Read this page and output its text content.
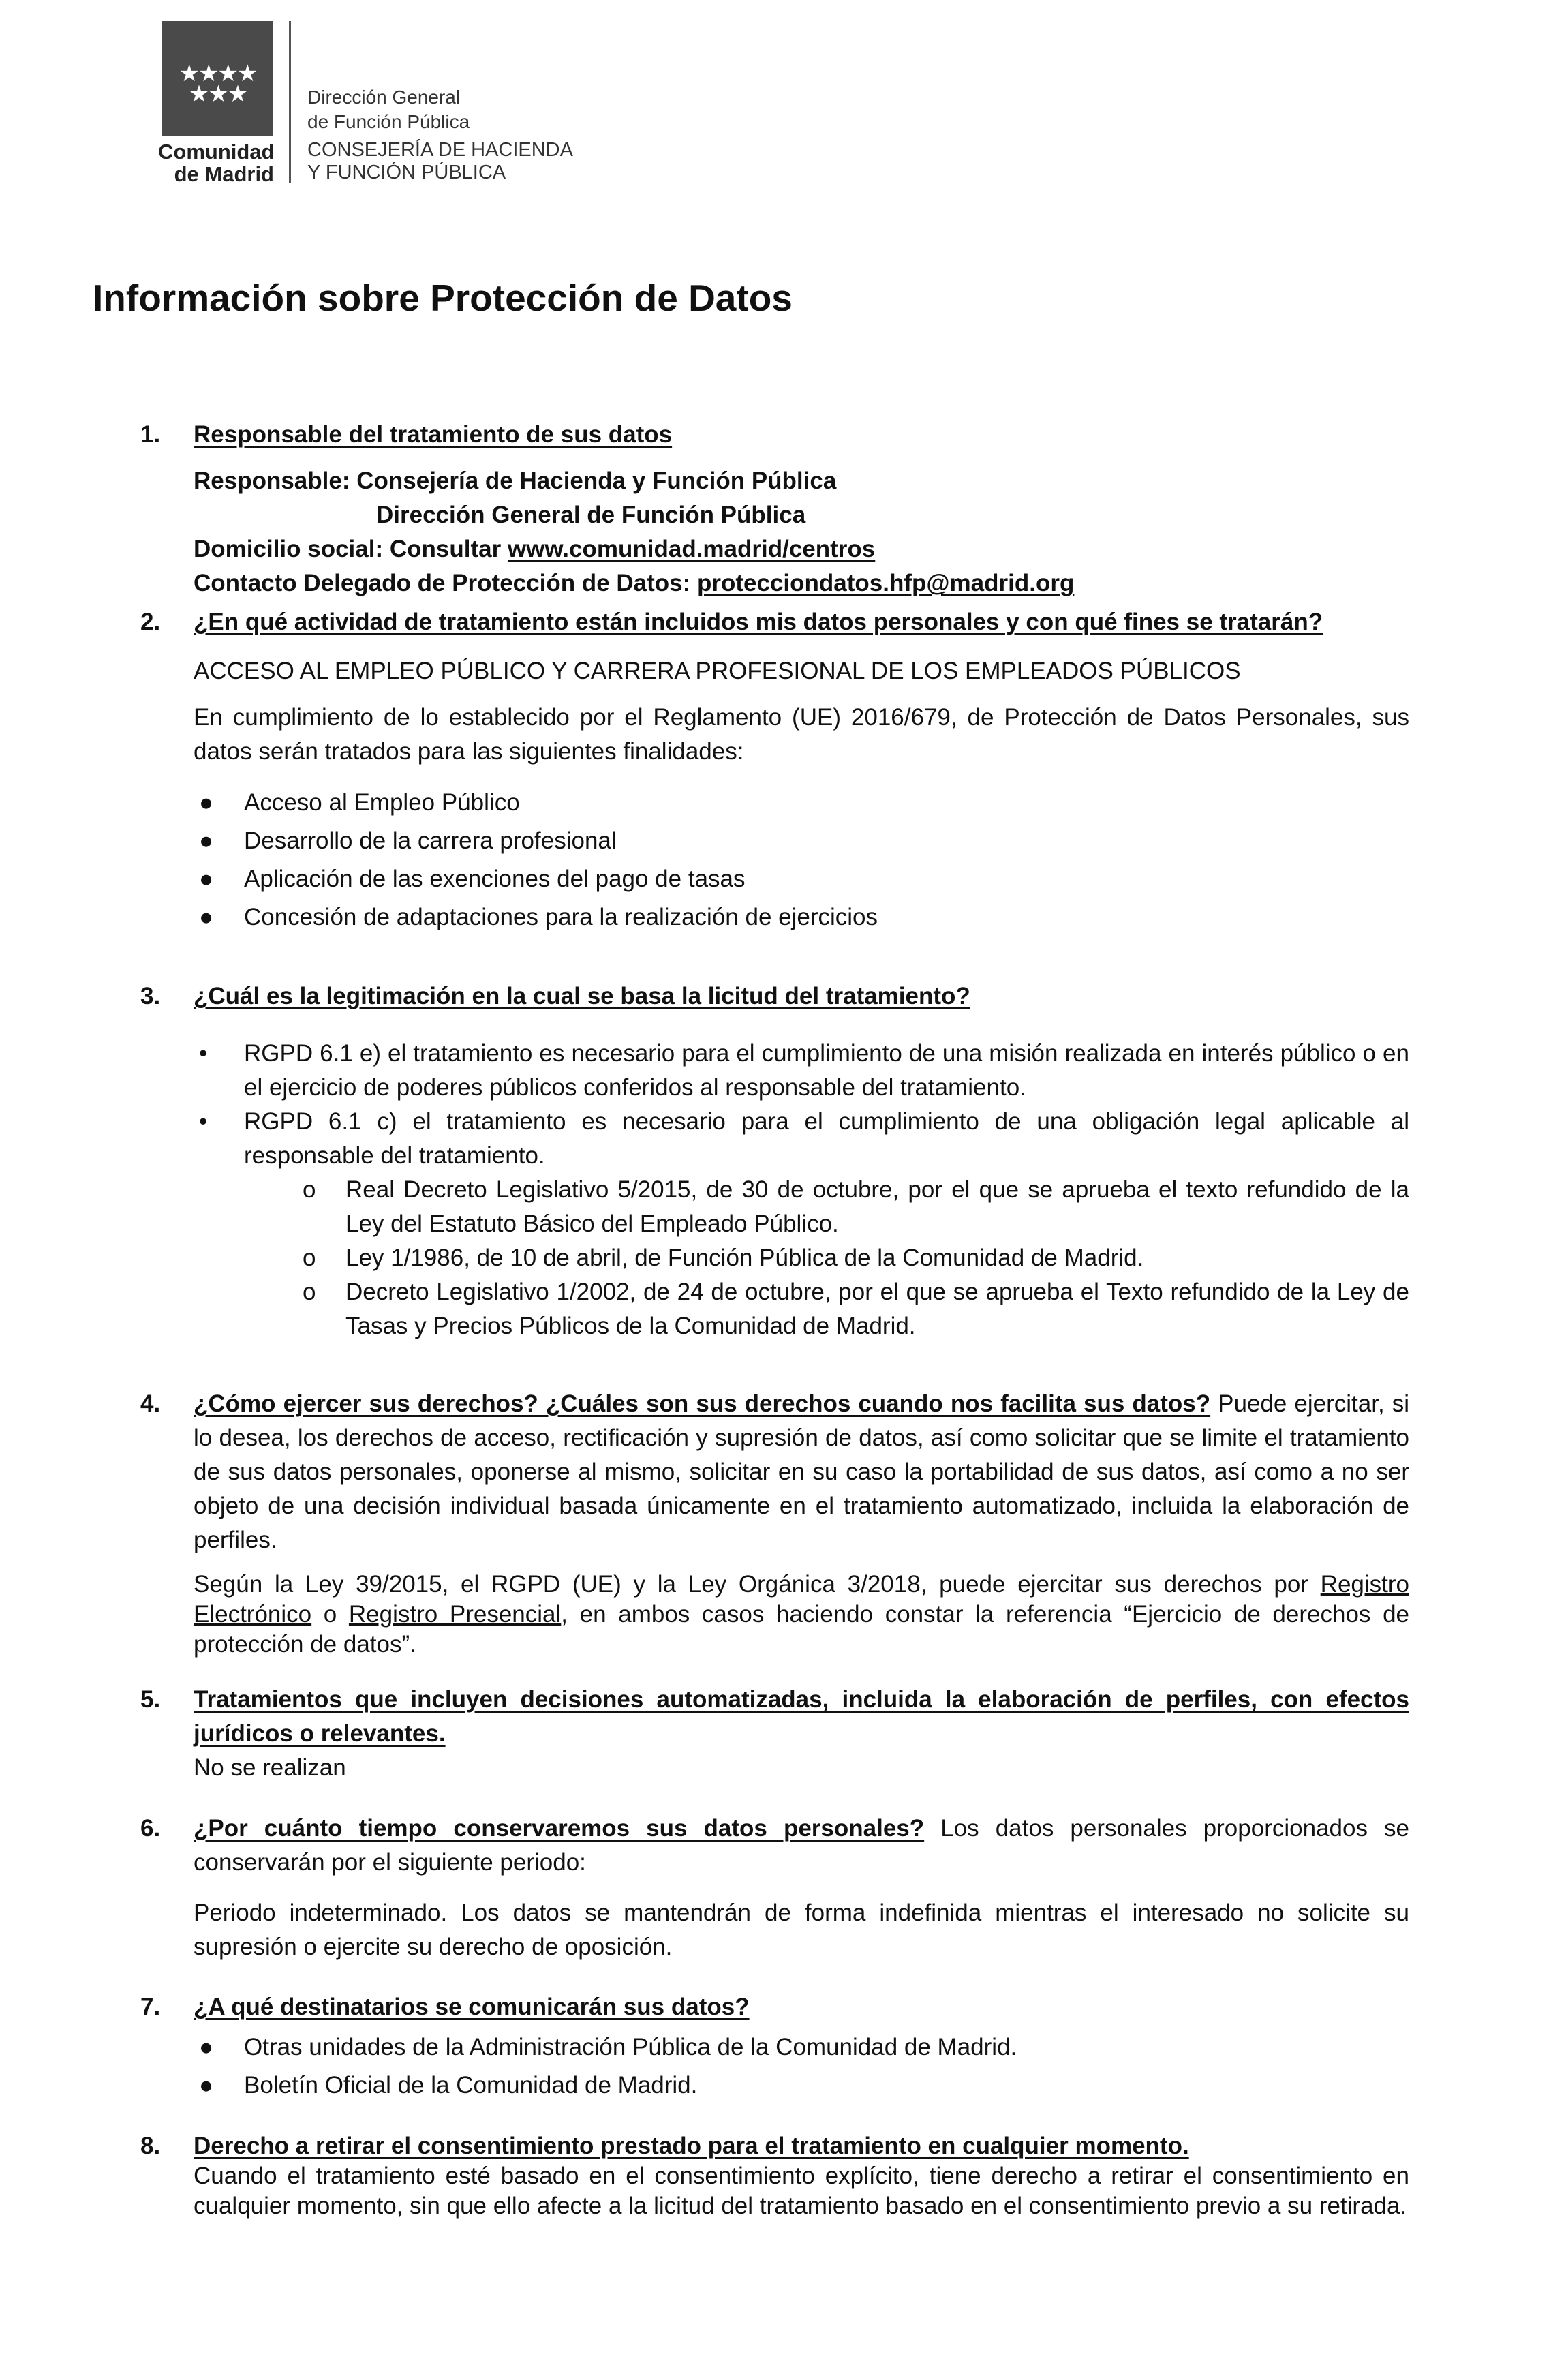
★★★★
★★★
Comunidad
de Madrid
Dirección General
de Función Pública
CONSEJERÍA DE HACIENDA
Y FUNCIÓN PÚBLICA
Información sobre Protección de Datos
1. Responsable del tratamiento de sus datos
Responsable: Consejería de Hacienda y Función Pública
Dirección General de Función Pública
Domicilio social: Consultar www.comunidad.madrid/centros
Contacto Delegado de Protección de Datos: protecciondatos.hfp@madrid.org
2. ¿En qué actividad de tratamiento están incluidos mis datos personales y con qué fines se tratarán?
ACCESO AL EMPLEO PÚBLICO Y CARRERA PROFESIONAL DE LOS EMPLEADOS PÚBLICOS
En cumplimiento de lo establecido por el Reglamento (UE) 2016/679, de Protección de Datos Personales, sus datos serán tratados para las siguientes finalidades:
● Acceso al Empleo Público
● Desarrollo de la carrera profesional
● Aplicación de las exenciones del pago de tasas
● Concesión de adaptaciones para la realización de ejercicios
3. ¿Cuál es la legitimación en la cual se basa la licitud del tratamiento?
• RGPD 6.1 e) el tratamiento es necesario para el cumplimiento de una misión realizada en interés público o en el ejercicio de poderes públicos conferidos al responsable del tratamiento.
• RGPD 6.1 c) el tratamiento es necesario para el cumplimiento de una obligación legal aplicable al responsable del tratamiento.
o Real Decreto Legislativo 5/2015, de 30 de octubre, por el que se aprueba el texto refundido de la Ley del Estatuto Básico del Empleado Público.
o Ley 1/1986, de 10 de abril, de Función Pública de la Comunidad de Madrid.
o Decreto Legislativo 1/2002, de 24 de octubre, por el que se aprueba el Texto refundido de la Ley de Tasas y Precios Públicos de la Comunidad de Madrid.
4. ¿Cómo ejercer sus derechos? ¿Cuáles son sus derechos cuando nos facilita sus datos? Puede ejercitar, si lo desea, los derechos de acceso, rectificación y supresión de datos, así como solicitar que se limite el tratamiento de sus datos personales, oponerse al mismo, solicitar en su caso la portabilidad de sus datos, así como a no ser objeto de una decisión individual basada únicamente en el tratamiento automatizado, incluida la elaboración de perfiles.
Según la Ley 39/2015, el RGPD (UE) y la Ley Orgánica 3/2018, puede ejercitar sus derechos por Registro Electrónico o Registro Presencial, en ambos casos haciendo constar la referencia “Ejercicio de derechos de protección de datos”.
5. Tratamientos que incluyen decisiones automatizadas, incluida la elaboración de perfiles, con efectos jurídicos o relevantes.
No se realizan
6. ¿Por cuánto tiempo conservaremos sus datos personales? Los datos personales proporcionados se conservarán por el siguiente periodo:
Periodo indeterminado. Los datos se mantendrán de forma indefinida mientras el interesado no solicite su supresión o ejercite su derecho de oposición.
7. ¿A qué destinatarios se comunicarán sus datos?
● Otras unidades de la Administración Pública de la Comunidad de Madrid.
● Boletín Oficial de la Comunidad de Madrid.
8. Derecho a retirar el consentimiento prestado para el tratamiento en cualquier momento.
Cuando el tratamiento esté basado en el consentimiento explícito, tiene derecho a retirar el consentimiento en cualquier momento, sin que ello afecte a la licitud del tratamiento basado en el consentimiento previo a su retirada.
